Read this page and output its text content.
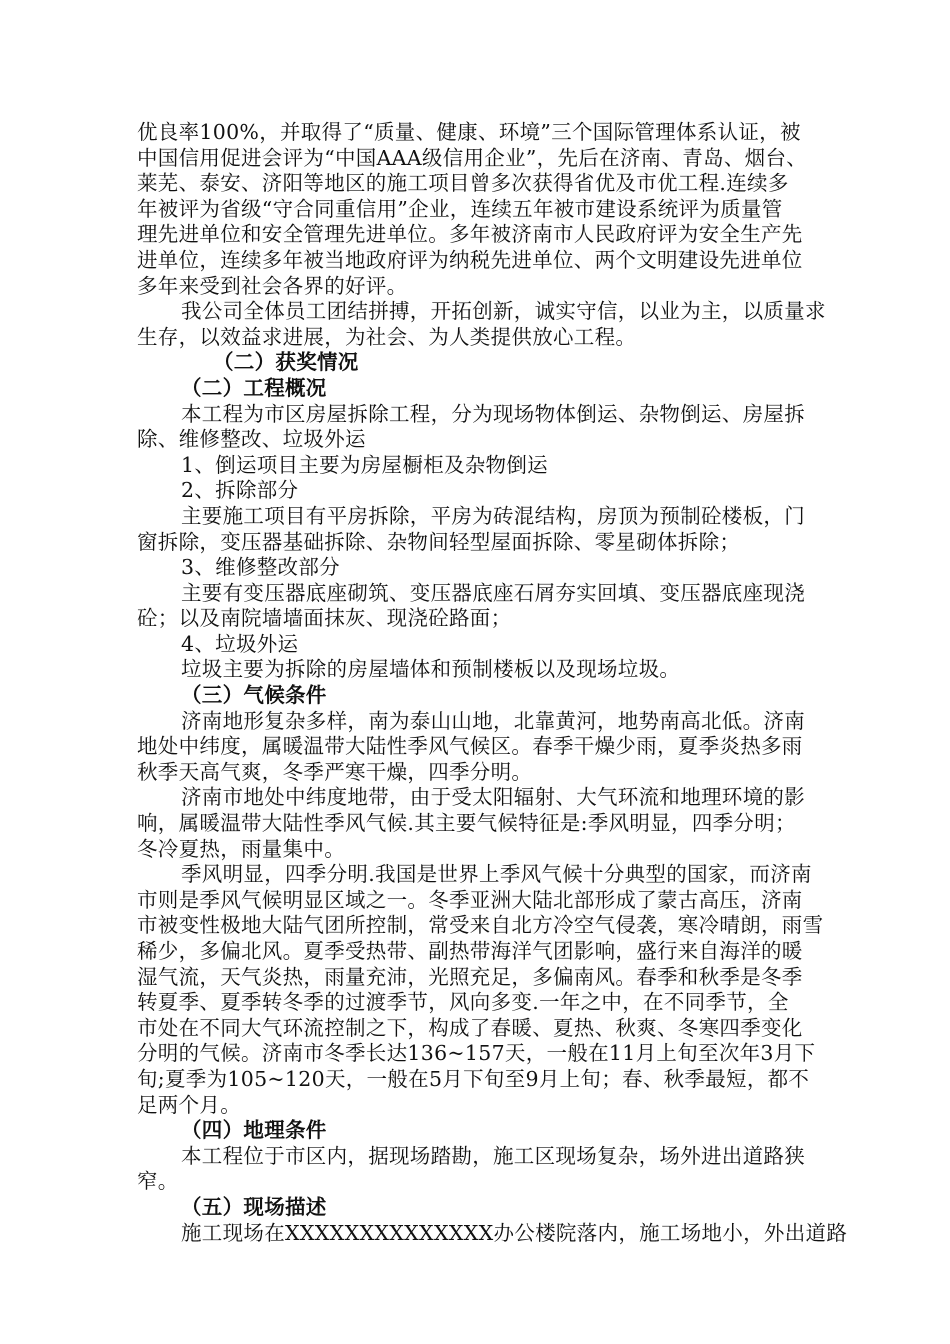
优良率100%，并取得了“质量、健康、环境”三个国际管理体系认证，被
中国信用促进会评为“中国AAA级信用企业”，先后在济南、青岛、烟台、
莱芜、泰安、济阳等地区的施工项目曾多次获得省优及市优工程.连续多
年被评为省级“守合同重信用”企业，连续五年被市建设系统评为质量管
理先进单位和安全管理先进单位。多年被济南市人民政府评为安全生产先
进单位，连续多年被当地政府评为纳税先进单位、两个文明建设先进单位
多年来受到社会各界的好评。
我公司全体员工团结拼搏，开拓创新，诚实守信，以业为主，以质量求
生存，以效益求进展，为社会、为人类提供放心工程。
（二）获奖情况
（二）工程概况
本工程为市区房屋拆除工程，分为现场物体倒运、杂物倒运、房屋拆
除、维修整改、垃圾外运
1、倒运项目主要为房屋橱柜及杂物倒运
2、拆除部分
主要施工项目有平房拆除，平房为砖混结构，房顶为预制砼楼板，门
窗拆除，变压器基础拆除、杂物间轻型屋面拆除、零星砌体拆除；
3、维修整改部分
主要有变压器底座砌筑、变压器底座石屑夯实回填、变压器底座现浇
砼；以及南院墙墙面抹灰、现浇砼路面；
4、垃圾外运
垃圾主要为拆除的房屋墙体和预制楼板以及现场垃圾。
（三）气候条件
济南地形复杂多样，南为泰山山地，北靠黄河，地势南高北低。济南
地处中纬度，属暖温带大陆性季风气候区。春季干燥少雨，夏季炎热多雨
秋季天高气爽，冬季严寒干燥，四季分明。
济南市地处中纬度地带，由于受太阳辐射、大气环流和地理环境的影
响，属暖温带大陆性季风气候.其主要气候特征是:季风明显，四季分明；
冬冷夏热，雨量集中。
季风明显，四季分明.我国是世界上季风气候十分典型的国家，而济南
市则是季风气候明显区域之一。冬季亚洲大陆北部形成了蒙古高压，济南
市被变性极地大陆气团所控制，常受来自北方冷空气侵袭，寒冷晴朗，雨雪
稀少，多偏北风。夏季受热带、副热带海洋气团影响，盛行来自海洋的暖
湿气流，天气炎热，雨量充沛，光照充足，多偏南风。春季和秋季是冬季
转夏季、夏季转冬季的过渡季节，风向多变.一年之中，在不同季节，全
市处在不同大气环流控制之下，构成了春暖、夏热、秋爽、冬寒四季变化
分明的气候。济南市冬季长达136~157天，一般在11月上旬至次年3月下
旬;夏季为105~120天，一般在5月下旬至9月上旬；春、秋季最短，都不
足两个月。
（四）地理条件
本工程位于市区内，据现场踏勘，施工区现场复杂，场外进出道路狭
窄。
（五）现场描述
施工现场在XXXXXXXXXXXXXX办公楼院落内，施工场地小，外出道路
